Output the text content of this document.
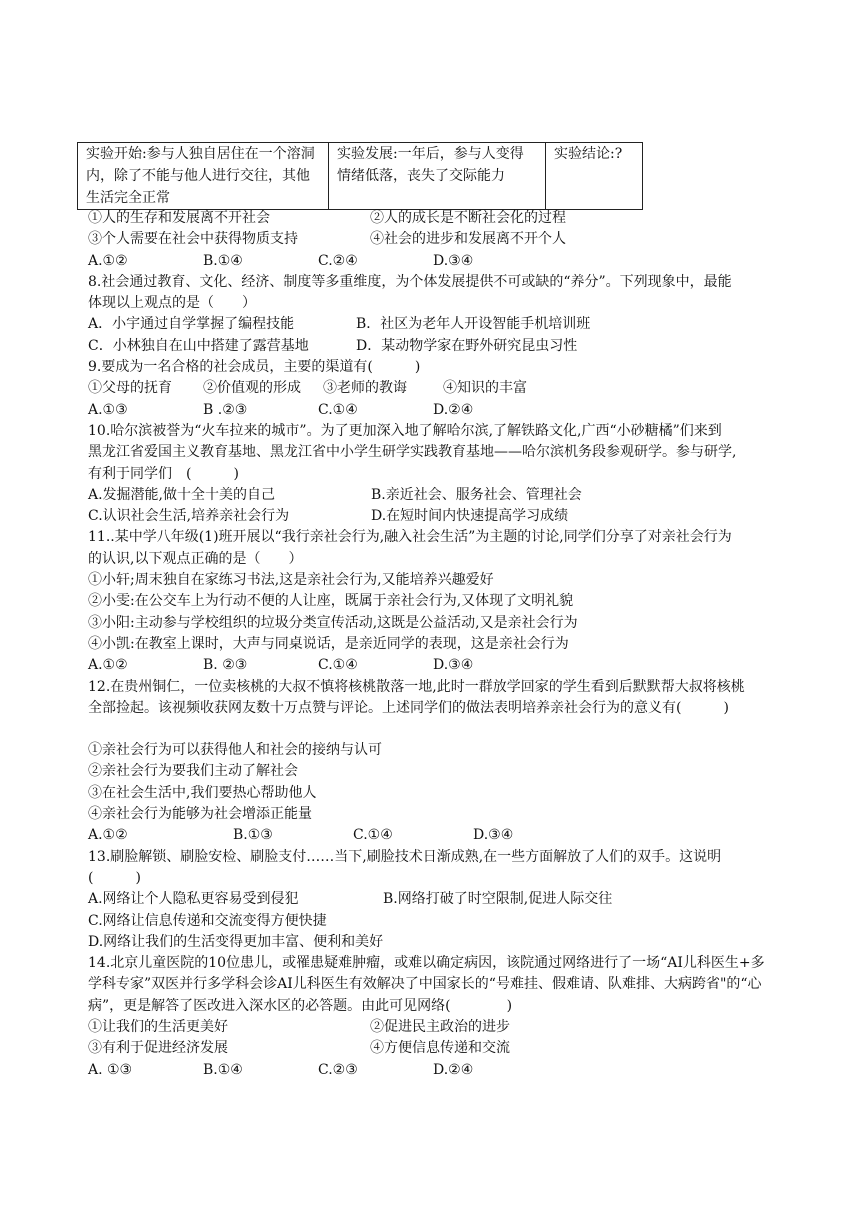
实验开始:参与人独自居住在一个溶洞内，除了不能与他人进行交往，其他生活完全正常	实验发展:一年后，参与人变得情绪低落，丧失了交际能力	实验结论:?
①人的生存和发展离不开社会	②人的成长是不断社会化的过程
③个人需要在社会中获得物质支持	④社会的进步和发展离不开个人
A.①②	B.①④	C.②④	D.③④
8.社会通过教育、文化、经济、制度等多重维度，为个体发展提供不可或缺的“养分”。下列现象中，最能
体现以上观点的是（　　）
A．小宇通过自学掌握了编程技能	B．社区为老年人开设智能手机培训班
C．小林独自在山中搭建了露营基地	D．某动物学家在野外研究昆虫习性
9.要成为一名合格的社会成员，主要的渠道有(　　　)
①父母的抚育 ②价值观的形成 ③老师的教诲	④知识的丰富
A.①③	B .②③	C.①④	D.②④
10.哈尔滨被誉为“火车拉来的城市”。为了更加深入地了解哈尔滨,了解铁路文化,广西“小砂糖橘”们来到
黑龙江省爱国主义教育基地、黑龙江省中小学生研学实践教育基地——哈尔滨机务段参观研学。参与研学,
有利于同学们　(　　　)
A.发掘潜能,做十全十美的自己	B.亲近社会、服务社会、管理社会
C.认识社会生活,培养亲社会行为	D.在短时间内快速提高学习成绩
11..某中学八年级(1)班开展以“我行亲社会行为,融入社会生活”为主题的讨论,同学们分享了对亲社会行为
的认识,以下观点正确的是（　　）
①小轩;周末独自在家练习书法,这是亲社会行为,又能培养兴趣爱好
②小雯:在公交车上为行动不便的人让座，既属于亲社会行为,又体现了文明礼貌
③小阳:主动参与学校组织的垃圾分类宣传活动,这既是公益活动,又是亲社会行为
④小凯:在教室上课时，大声与同桌说话，是亲近同学的表现，这是亲社会行为
A.①②	B. ②③	C.①④	D.③④
12.在贵州铜仁，一位卖核桃的大叔不慎将核桃散落一地,此时一群放学回家的学生看到后默默帮大叔将核桃
全部捡起。该视频收获网友数十万点赞与评论。上述同学们的做法表明培养亲社会行为的意义有(　　　)
①亲社会行为可以获得他人和社会的接纳与认可
②亲社会行为要我们主动了解社会
③在社会生活中,我们要热心帮助他人
④亲社会行为能够为社会增添正能量
A.①②	B.①③	C.①④	D.③④
13.刷脸解锁、刷脸安检、刷脸支付……当下,刷脸技术日渐成熟,在一些方面解放了人们的双手。这说明
(　　　)
A.网络让个人隐私更容易受到侵犯	B.网络打破了时空限制,促进人际交往
C.网络让信息传递和交流变得方便快捷
D.网络让我们的生活变得更加丰富、便利和美好
14.北京儿童医院的10位患儿，或罹患疑难肿瘤，或难以确定病因，该院通过网络进行了一场“AI儿科医生+多
学科专家”双医并行多学科会诊AI儿科医生有效解决了中国家长的“号难挂、假难请、队难排、大病跨省"的“心
病”，更是解答了医改进入深水区的必答题。由此可见网络(　　　　)
①让我们的生活更美好	②促进民主政治的进步
③有利于促进经济发展	④方便信息传递和交流
A. ①③	B.①④	C.②③	D.②④
